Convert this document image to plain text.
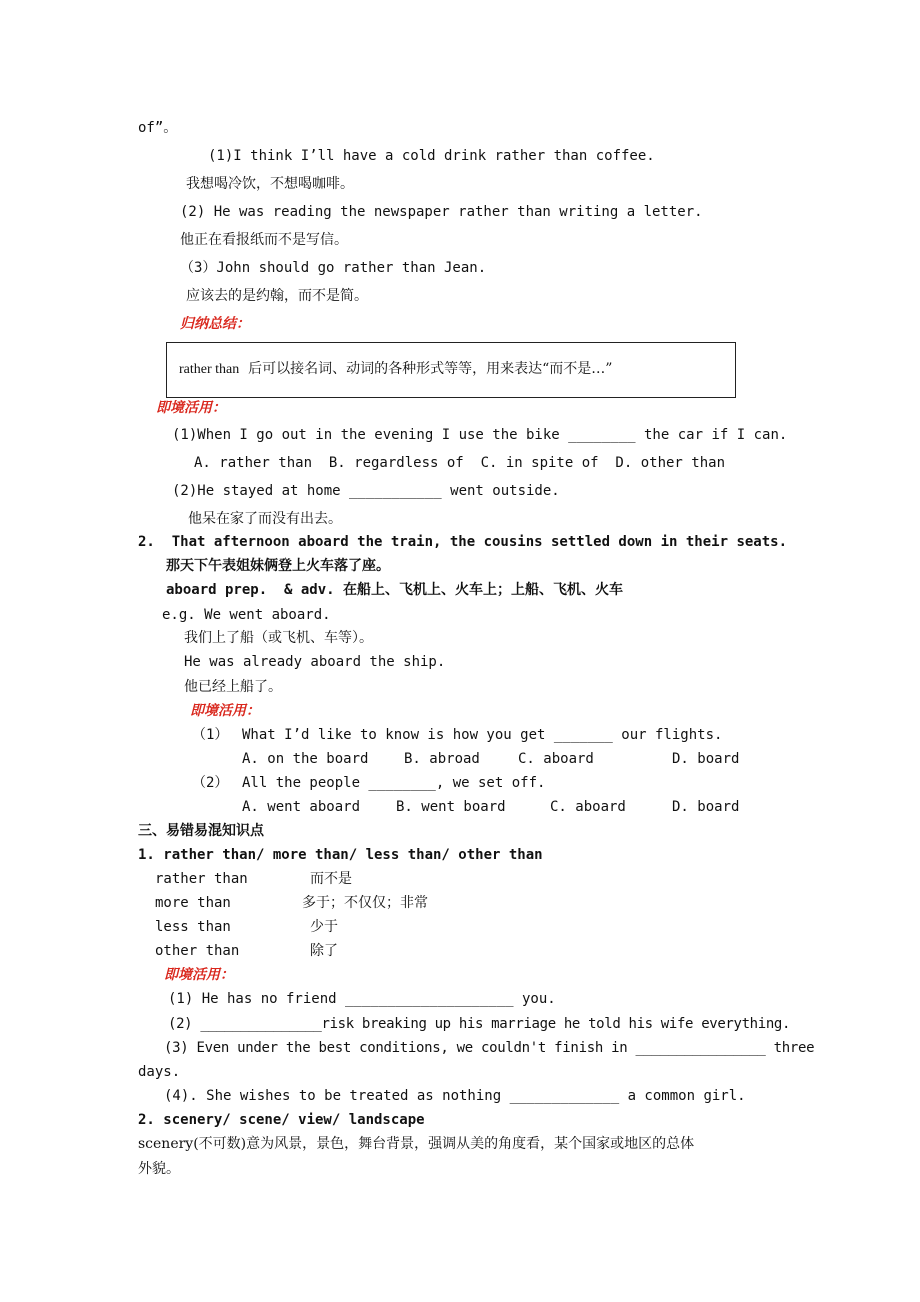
of”。
(1)I think I’ll have a cold drink rather than coffee.
我想喝冷饮，不想喝咖啡。
(2) He was reading the newspaper rather than writing a letter.
他正在看报纸而不是写信。
（3）John should go rather than Jean.
应该去的是约翰，而不是简。
归纳总结：
rather than 后可以接名词、动词的各种形式等等，用来表达“而不是…”
即境活用：
(1)When I go out in the evening I use the bike ________ the car if I can.
A. rather than  B. regardless of  C. in spite of  D. other than
(2)He stayed at home ___________ went outside.
他呆在家了而没有出去。
2.  That afternoon aboard the train, the cousins settled down in their seats.
那天下午表姐妹俩登上火车落了座。
aboard prep.  & adv. 在船上、飞机上、火车上；上船、飞机、火车
e.g. We went aboard.
我们上了船（或飞机、车等）。
He was already aboard the ship.
他已经上船了。
即境活用：
（1） What I’d like to know is how you get _______ our flights.
A. on the board	B. abroad	C. aboard	D. board
（2） All the people ________, we set off.
A. went aboard	B. went board	C. aboard	D. board
三、易错易混知识点
1. rather than/ more than/ less than/ other than
rather than	而不是
more than	多于；不仅仅；非常
less than	少于
other than	除了
即境活用：
(1) He has no friend ____________________ you.
(2) _______________risk breaking up his marriage he told his wife everything.
(3) Even under the best conditions, we couldn't finish in ________________ three
days.
(4). She wishes to be treated as nothing _____________ a common girl.
2. scenery/ scene/ view/ landscape
scenery(不可数)意为风景，景色，舞台背景，强调从美的角度看，某个国家或地区的总体
外貌。
